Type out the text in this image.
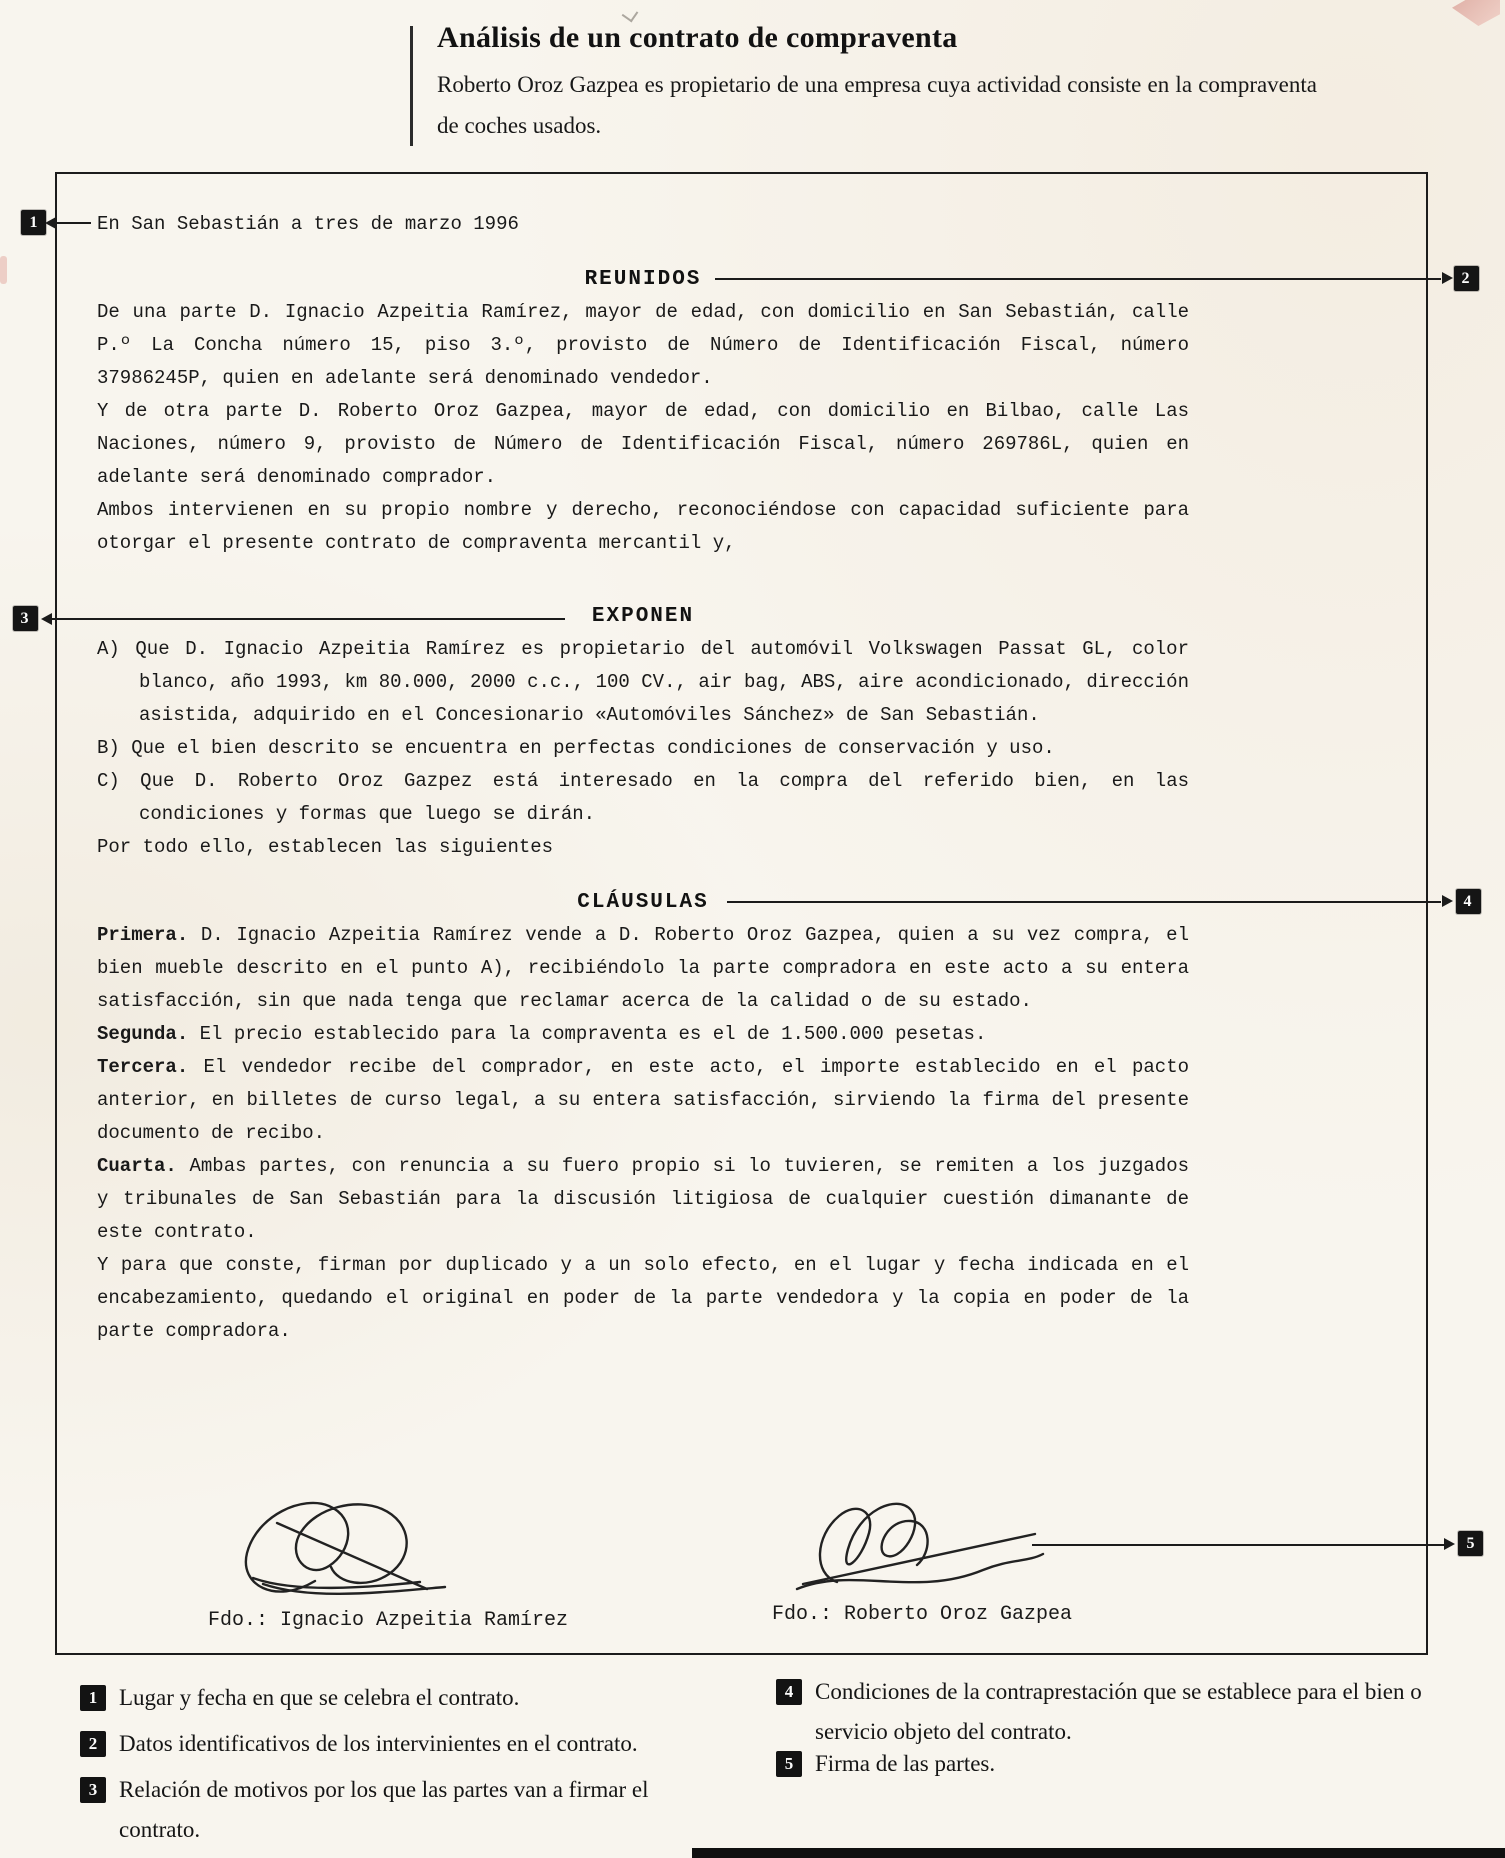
Análisis de un contrato de compraventa

Roberto Oroz Gazpea es propietario de una empresa cuya actividad consiste en la compraventa de coches usados.

1	En San Sebastián a tres de marzo 1996

REUNIDOS	2

De una parte D. Ignacio Azpeitia Ramírez, mayor de edad, con domicilio en San Sebastián, calle P.º La Concha número 15, piso 3.º, provisto de Número de Identificación Fiscal, número 37986245P, quien en adelante será denominado vendedor.

Y de otra parte D. Roberto Oroz Gazpea, mayor de edad, con domicilio en Bilbao, calle Las Naciones, número 9, provisto de Número de Identificación Fiscal, número 269786L, quien en adelante será denominado comprador.

Ambos intervienen en su propio nombre y derecho, reconociéndose con capacidad suficiente para otorgar el presente contrato de compraventa mercantil y,

3	EXPONEN

A) Que D. Ignacio Azpeitia Ramírez es propietario del automóvil Volkswagen Passat GL, color blanco, año 1993, km 80.000, 2000 c.c., 100 CV., air bag, ABS, aire acondicionado, dirección asistida, adquirido en el Concesionario «Automóviles Sánchez» de San Sebastián.

B) Que el bien descrito se encuentra en perfectas condiciones de conservación y uso.

C) Que D. Roberto Oroz Gazpez está interesado en la compra del referido bien, en las condiciones y formas que luego se dirán.

Por todo ello, establecen las siguientes

CLÁUSULAS	4

Primera. D. Ignacio Azpeitia Ramírez vende a D. Roberto Oroz Gazpea, quien a su vez compra, el bien mueble descrito en el punto A), recibiéndolo la parte compradora en este acto a su entera satisfacción, sin que nada tenga que reclamar acerca de la calidad o de su estado.

Segunda. El precio establecido para la compraventa es el de 1.500.000 pesetas.

Tercera. El vendedor recibe del comprador, en este acto, el importe establecido en el pacto anterior, en billetes de curso legal, a su entera satisfacción, sirviendo la firma del presente documento de recibo.

Cuarta. Ambas partes, con renuncia a su fuero propio si lo tuvieren, se remiten a los juzgados y tribunales de San Sebastián para la discusión litigiosa de cualquier cuestión dimanante de este contrato.

Y para que conste, firman por duplicado y a un solo efecto, en el lugar y fecha indicada en el encabezamiento, quedando el original en poder de la parte vendedora y la copia en poder de la parte compradora.

Fdo.: Ignacio Azpeitia Ramírez	Fdo.: Roberto Oroz Gazpea
5
1 Lugar y fecha en que se celebra el contrato.
2 Datos identificativos de los intervinientes en el contrato.
3 Relación de motivos por los que las partes van a firmar el contrato.
4 Condiciones de la contraprestación que se establece para el bien o servicio objeto del contrato.
5 Firma de las partes.
